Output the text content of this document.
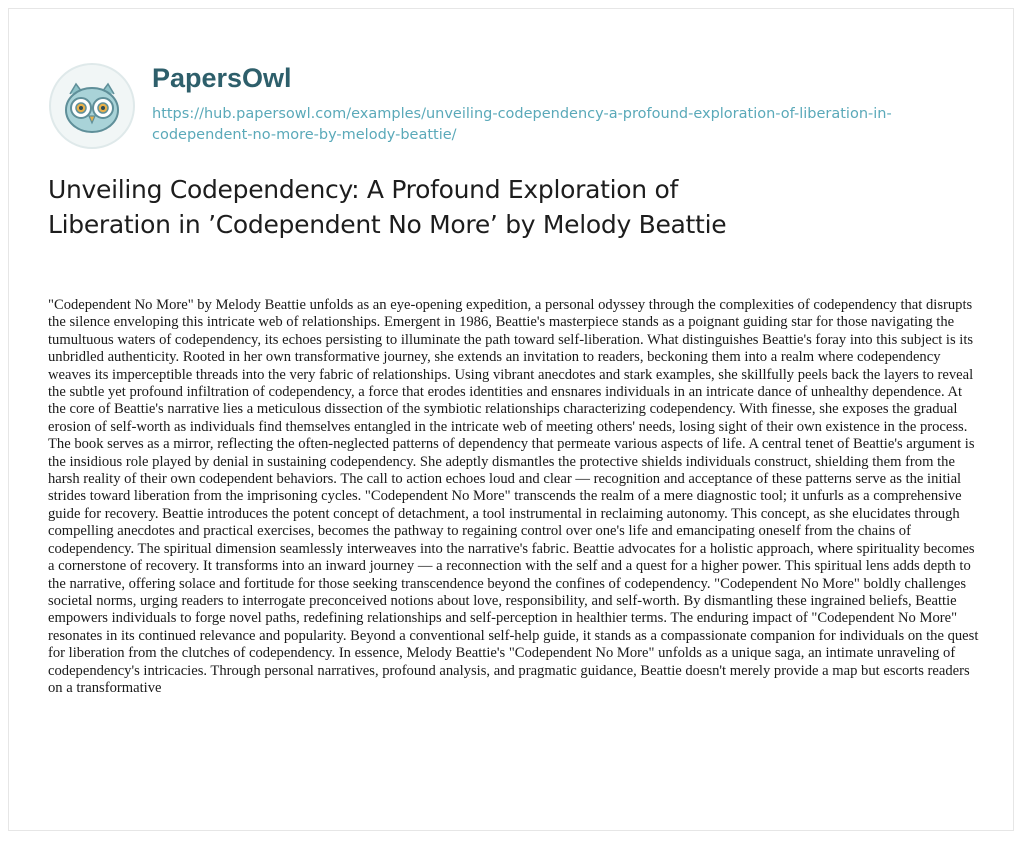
PapersOwl
https://hub.papersowl.com/examples/unveiling-codependency-a-profound-exploration-of-liberation-in-codependent-no-more-by-melody-beattie/
Unveiling Codependency: A Profound Exploration of Liberation in ’Codependent No More’ by Melody Beattie

"Codependent No More" by Melody Beattie unfolds as an eye-opening expedition, a personal odyssey through the complexities of codependency that disrupts the silence enveloping this intricate web of relationships. Emergent in 1986, Beattie's masterpiece stands as a poignant guiding star for those navigating the tumultuous waters of codependency, its echoes persisting to illuminate the path toward self-liberation. What distinguishes Beattie's foray into this subject is its unbridled authenticity. Rooted in her own transformative journey, she extends an invitation to readers, beckoning them into a realm where codependency weaves its imperceptible threads into the very fabric of relationships. Using vibrant anecdotes and stark examples, she skillfully peels back the layers to reveal the subtle yet profound infiltration of codependency, a force that erodes identities and ensnares individuals in an intricate dance of unhealthy dependence. At the core of Beattie's narrative lies a meticulous dissection of the symbiotic relationships characterizing codependency. With finesse, she exposes the gradual erosion of self-worth as individuals find themselves entangled in the intricate web of meeting others' needs, losing sight of their own existence in the process. The book serves as a mirror, reflecting the often-neglected patterns of dependency that permeate various aspects of life. A central tenet of Beattie's argument is the insidious role played by denial in sustaining codependency. She adeptly dismantles the protective shields individuals construct, shielding them from the harsh reality of their own codependent behaviors. The call to action echoes loud and clear — recognition and acceptance of these patterns serve as the initial strides toward liberation from the imprisoning cycles. "Codependent No More" transcends the realm of a mere diagnostic tool; it unfurls as a comprehensive guide for recovery. Beattie introduces the potent concept of detachment, a tool instrumental in reclaiming autonomy. This concept, as she elucidates through compelling anecdotes and practical exercises, becomes the pathway to regaining control over one's life and emancipating oneself from the chains of codependency. The spiritual dimension seamlessly interweaves into the narrative's fabric. Beattie advocates for a holistic approach, where spirituality becomes a cornerstone of recovery. It transforms into an inward journey — a reconnection with the self and a quest for a higher power. This spiritual lens adds depth to the narrative, offering solace and fortitude for those seeking transcendence beyond the confines of codependency. "Codependent No More" boldly challenges societal norms, urging readers to interrogate preconceived notions about love, responsibility, and self-worth. By dismantling these ingrained beliefs, Beattie empowers individuals to forge novel paths, redefining relationships and self-perception in healthier terms. The enduring impact of "Codependent No More" resonates in its continued relevance and popularity. Beyond a conventional self-help guide, it stands as a compassionate companion for individuals on the quest for liberation from the clutches of codependency. In essence, Melody Beattie's "Codependent No More" unfolds as a unique saga, an intimate unraveling of codependency's intricacies. Through personal narratives, profound analysis, and pragmatic guidance, Beattie doesn't merely provide a map but escorts readers on a transformative
